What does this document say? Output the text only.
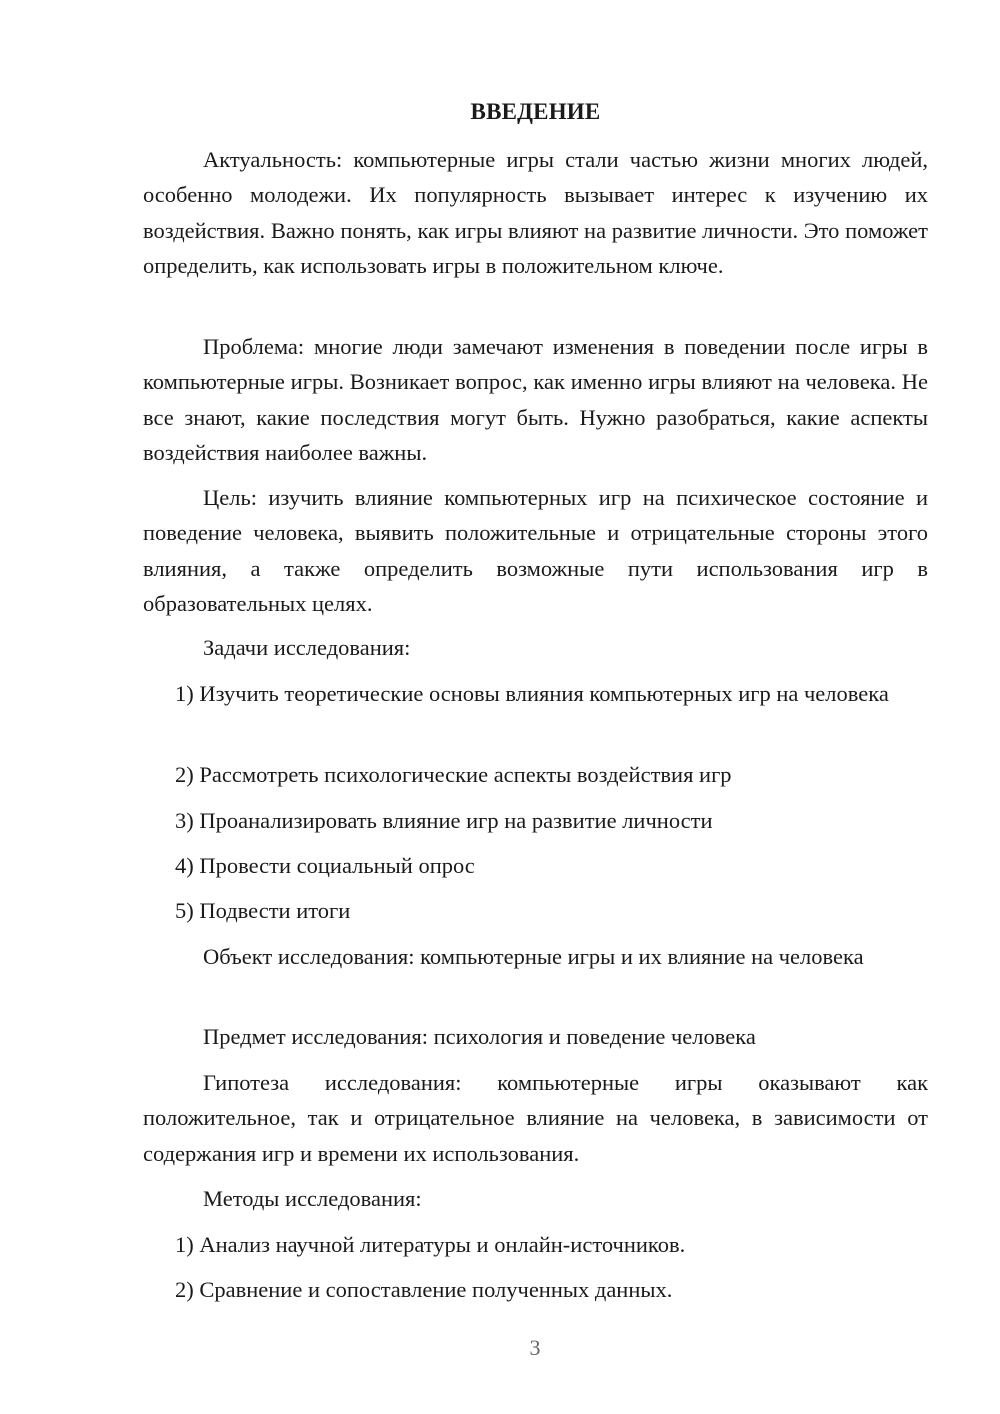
ВВЕДЕНИЕ
Актуальность: компьютерные игры стали частью жизни многих людей, особенно молодежи. Их популярность вызывает интерес к изучению их воздействия. Важно понять, как игры влияют на развитие личности. Это поможет определить, как использовать игры в положительном ключе.
Проблема: многие люди замечают изменения в поведении после игры в компьютерные игры. Возникает вопрос, как именно игры влияют на человека. Не все знают, какие последствия могут быть. Нужно разобраться, какие аспекты воздействия наиболее важны.
Цель: изучить влияние компьютерных игр на психическое состояние и поведение человека, выявить положительные и отрицательные стороны этого влияния, а также определить возможные пути использования игр в образовательных целях.
Задачи исследования:
1) Изучить теоретические основы влияния компьютерных игр на человека
2) Рассмотреть психологические аспекты воздействия игр
3) Проанализировать влияние игр на развитие личности
4) Провести социальный опрос
5) Подвести итоги
Объект исследования: компьютерные игры и их влияние на человека
Предмет исследования: психология и поведение человека
Гипотеза исследования: компьютерные игры оказывают как положительное, так и отрицательное влияние на человека, в зависимости от содержания игр и времени их использования.
Методы исследования:
1) Анализ научной литературы и онлайн-источников.
2) Сравнение и сопоставление полученных данных.
3
